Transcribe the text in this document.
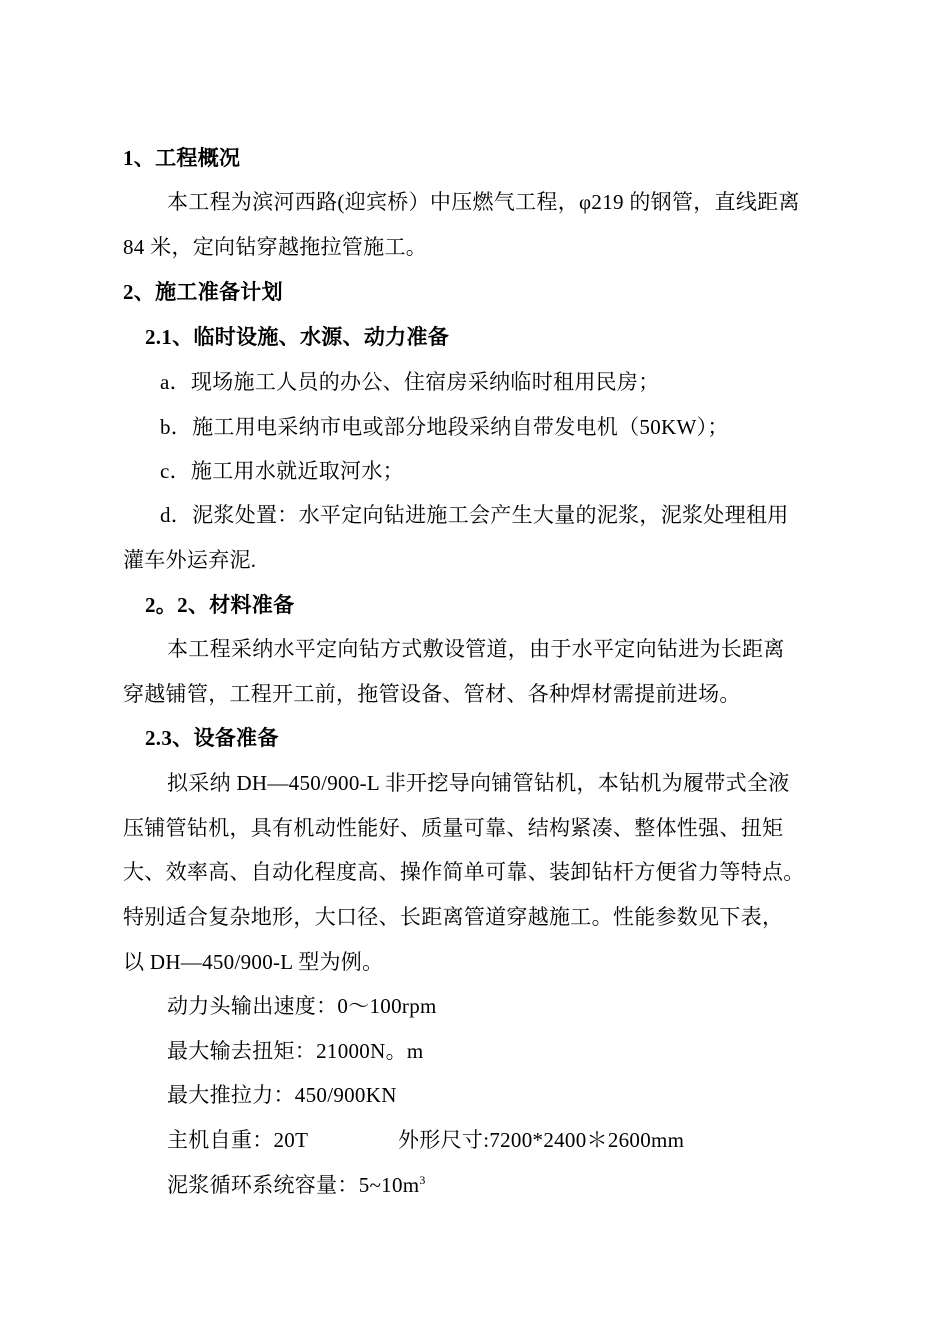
1、工程概况
本工程为滨河西路(迎宾桥）中压燃气工程，φ219 的钢管，直线距离
84 米，定向钻穿越拖拉管施工。
2、施工准备计划
2.1、临时设施、水源、动力准备
a．现场施工人员的办公、住宿房采纳临时租用民房；
b．施工用电采纳市电或部分地段采纳自带发电机（50KW）；
c．施工用水就近取河水；
d．泥浆处置：水平定向钻进施工会产生大量的泥浆，泥浆处理租用
灌车外运弃泥.
2。2、材料准备
本工程采纳水平定向钻方式敷设管道，由于水平定向钻进为长距离
穿越铺管，工程开工前，拖管设备、管材、各种焊材需提前进场。
2.3、设备准备
拟采纳 DH—450/900-L 非开挖导向铺管钻机，本钻机为履带式全液
压铺管钻机，具有机动性能好、质量可靠、结构紧凑、整体性强、扭矩
大、效率高、自动化程度高、操作简单可靠、装卸钻杆方便省力等特点。
特别适合复杂地形，大口径、长距离管道穿越施工。性能参数见下表，
以 DH—450/900-L 型为例。
动力头输出速度：0～100rpm
最大输去扭矩：21000N。m
最大推拉力：450/900KN
主机自重：20T	外形尺寸:7200*2400＊2600mm
泥浆循环系统容量：$5\sim 10m^3$
